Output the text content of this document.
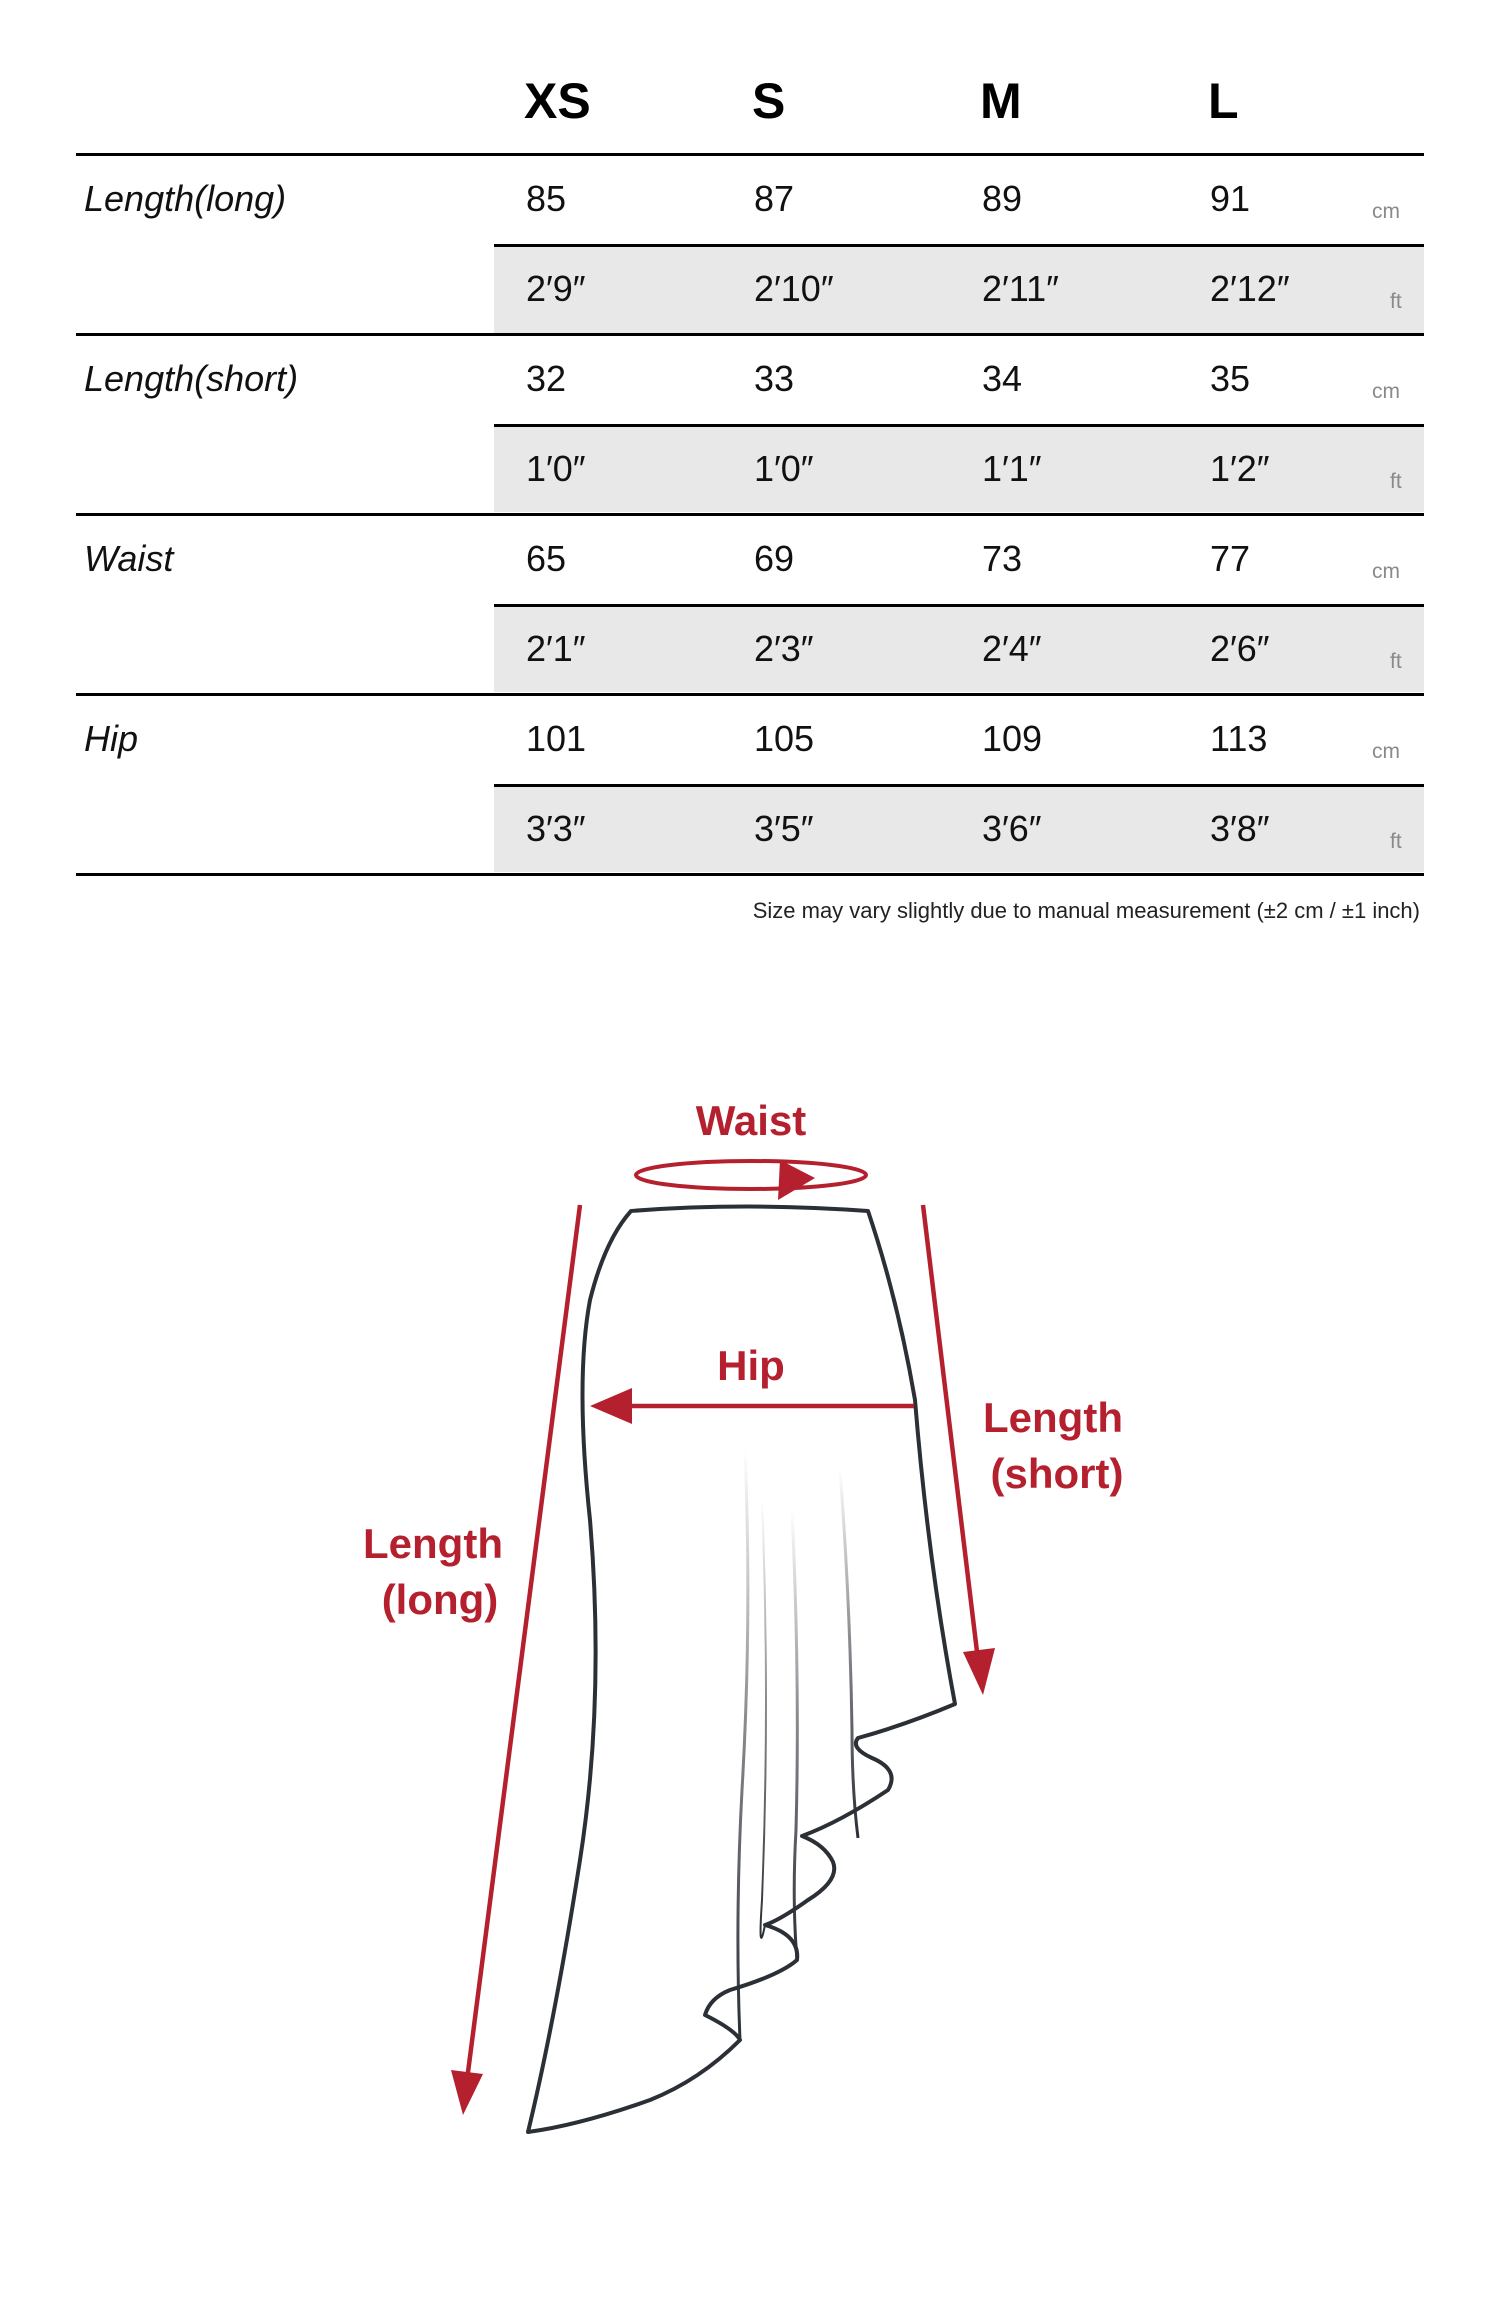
XS	S	M	L
Length(long)	85	87	89	91	cm
2′9″	2′10″	2′11″	2′12″	ft
Length(short)	32	33	34	35	cm
1′0″	1′0″	1′1″	1′2″	ft
Waist	65	69	73	77	cm
2′1″	2′3″	2′4″	2′6″	ft
Hip	101	105	109	113	cm
3′3″	3′5″	3′6″	3′8″	ft
Size may vary slightly due to manual measurement (±2 cm / ±1 inch)
Waist
Hip
Length
(short)
Length
(long)
